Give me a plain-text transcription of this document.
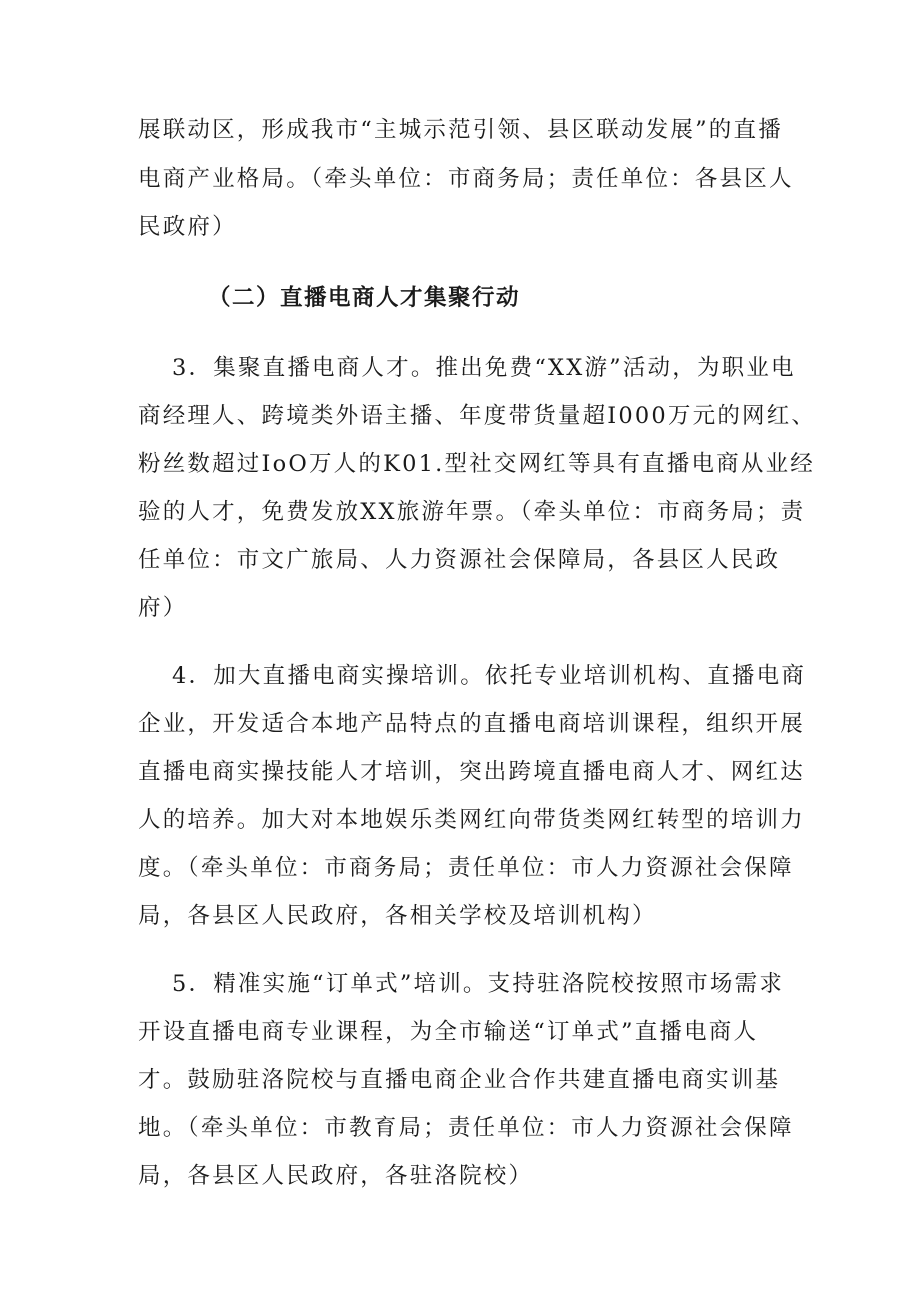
展联动区，形成我市“主城示范引领、县区联动发展”的直播

电商产业格局。（牵头单位：市商务局；责任单位：各县区人

民政府）

（二）直播电商人才集聚行动

3．集聚直播电商人才。推出免费“XX游”活动，为职业电

商经理人、跨境类外语主播、年度带货量超I000万元的网红、

粉丝数超过IoO万人的K01.型社交网红等具有直播电商从业经

验的人才，免费发放XX旅游年票。（牵头单位：市商务局；责

任单位：市文广旅局、人力资源社会保障局，各县区人民政

府）

4．加大直播电商实操培训。依托专业培训机构、直播电商

企业，开发适合本地产品特点的直播电商培训课程，组织开展

直播电商实操技能人才培训，突出跨境直播电商人才、网红达

人的培养。加大对本地娱乐类网红向带货类网红转型的培训力

度。（牵头单位：市商务局；责任单位：市人力资源社会保障

局，各县区人民政府，各相关学校及培训机构）

5．精准实施“订单式”培训。支持驻洛院校按照市场需求

开设直播电商专业课程，为全市输送“订单式”直播电商人

才。鼓励驻洛院校与直播电商企业合作共建直播电商实训基

地。（牵头单位：市教育局；责任单位：市人力资源社会保障

局，各县区人民政府，各驻洛院校）
